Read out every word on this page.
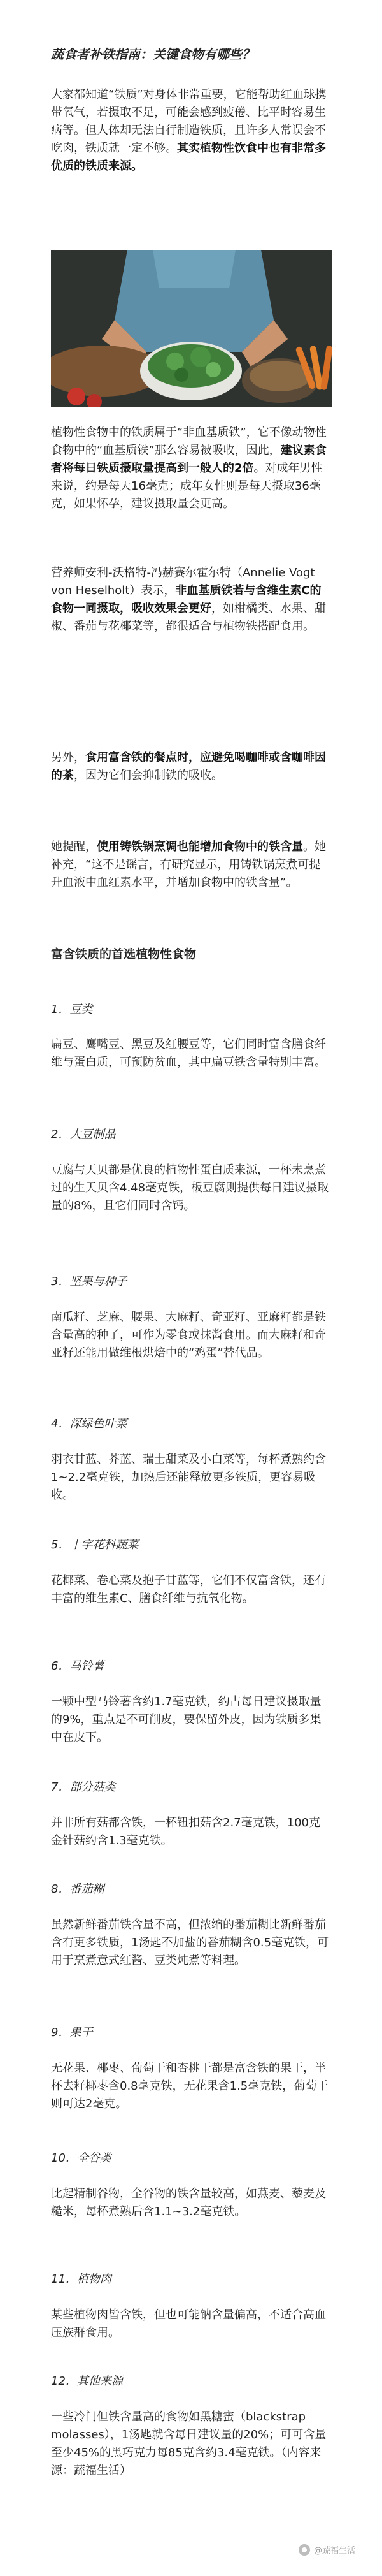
蔬食者补铁指南：关键食物有哪些？

大家都知道“铁质”对身体非常重要，它能帮助红血球携带氧气，若摄取不足，可能会感到疲倦、比平时容易生病等。但人体却无法自行制造铁质，且许多人常误会不吃肉，铁质就一定不够。其实植物性饮食中也有非常多优质的铁质来源。

植物性食物中的铁质属于“非血基质铁”，它不像动物性食物中的“血基质铁”那么容易被吸收，因此，建议素食者将每日铁质摄取量提高到一般人的2倍。对成年男性来说，约是每天16毫克；成年女性则是每天摄取36毫克，如果怀孕，建议摄取量会更高。

营养师安利-沃格特-冯赫赛尔霍尔特（Annelie Vogt von Heselholt）表示，非血基质铁若与含维生素C的食物一同摄取，吸收效果会更好，如柑橘类、水果、甜椒、番茄与花椰菜等，都很适合与植物铁搭配食用。

另外，食用富含铁的餐点时，应避免喝咖啡或含咖啡因的茶，因为它们会抑制铁的吸收。

她提醒，使用铸铁锅烹调也能增加食物中的铁含量。她补充，“这不是谣言，有研究显示，用铸铁锅烹煮可提升血液中血红素水平，并增加食物中的铁含量”。

富含铁质的首选植物性食物
1．豆类

扁豆、鹰嘴豆、黑豆及红腰豆等，它们同时富含膳食纤维与蛋白质，可预防贫血，其中扁豆铁含量特别丰富。

2．大豆制品

豆腐与天贝都是优良的植物性蛋白质来源，一杯未烹煮过的生天贝含4.48毫克铁，板豆腐则提供每日建议摄取量的8%，且它们同时含钙。

3．坚果与种子

南瓜籽、芝麻、腰果、大麻籽、奇亚籽、亚麻籽都是铁含量高的种子，可作为零食或抹酱食用。而大麻籽和奇亚籽还能用做维根烘焙中的“鸡蛋”替代品。

4．深绿色叶菜

羽衣甘蓝、芥蓝、瑞士甜菜及小白菜等，每杯煮熟约含1~2.2毫克铁，加热后还能释放更多铁质，更容易吸收。

5．十字花科蔬菜

花椰菜、卷心菜及抱子甘蓝等，它们不仅富含铁，还有丰富的维生素C、膳食纤维与抗氧化物。

6．马铃薯

一颗中型马铃薯含约1.7毫克铁，约占每日建议摄取量的9%，重点是不可削皮，要保留外皮，因为铁质多集中在皮下。

7．部分菇类

并非所有菇都含铁，一杯钮扣菇含2.7毫克铁，100克金针菇约含1.3毫克铁。

8．番茄糊

虽然新鲜番茄铁含量不高，但浓缩的番茄糊比新鲜番茄含有更多铁质，1汤匙不加盐的番茄糊含0.5毫克铁，可用于烹煮意式红酱、豆类炖煮等料理。

9．果干

无花果、椰枣、葡萄干和杏桃干都是富含铁的果干，半杯去籽椰枣含0.8毫克铁，无花果含1.5毫克铁，葡萄干则可达2毫克。

10．全谷类

比起精制谷物，全谷物的铁含量较高，如燕麦、藜麦及糙米，每杯煮熟后含1.1~3.2毫克铁。

11．植物肉

某些植物肉皆含铁，但也可能钠含量偏高，不适合高血压族群食用。

12．其他来源

一些冷门但铁含量高的食物如黑糖蜜（blackstrap molasses），1汤匙就含每日建议量的20%；可可含量至少45%的黑巧克力每85克含约3.4毫克铁。（内容来源：蔬福生活）

@蔬福生活
